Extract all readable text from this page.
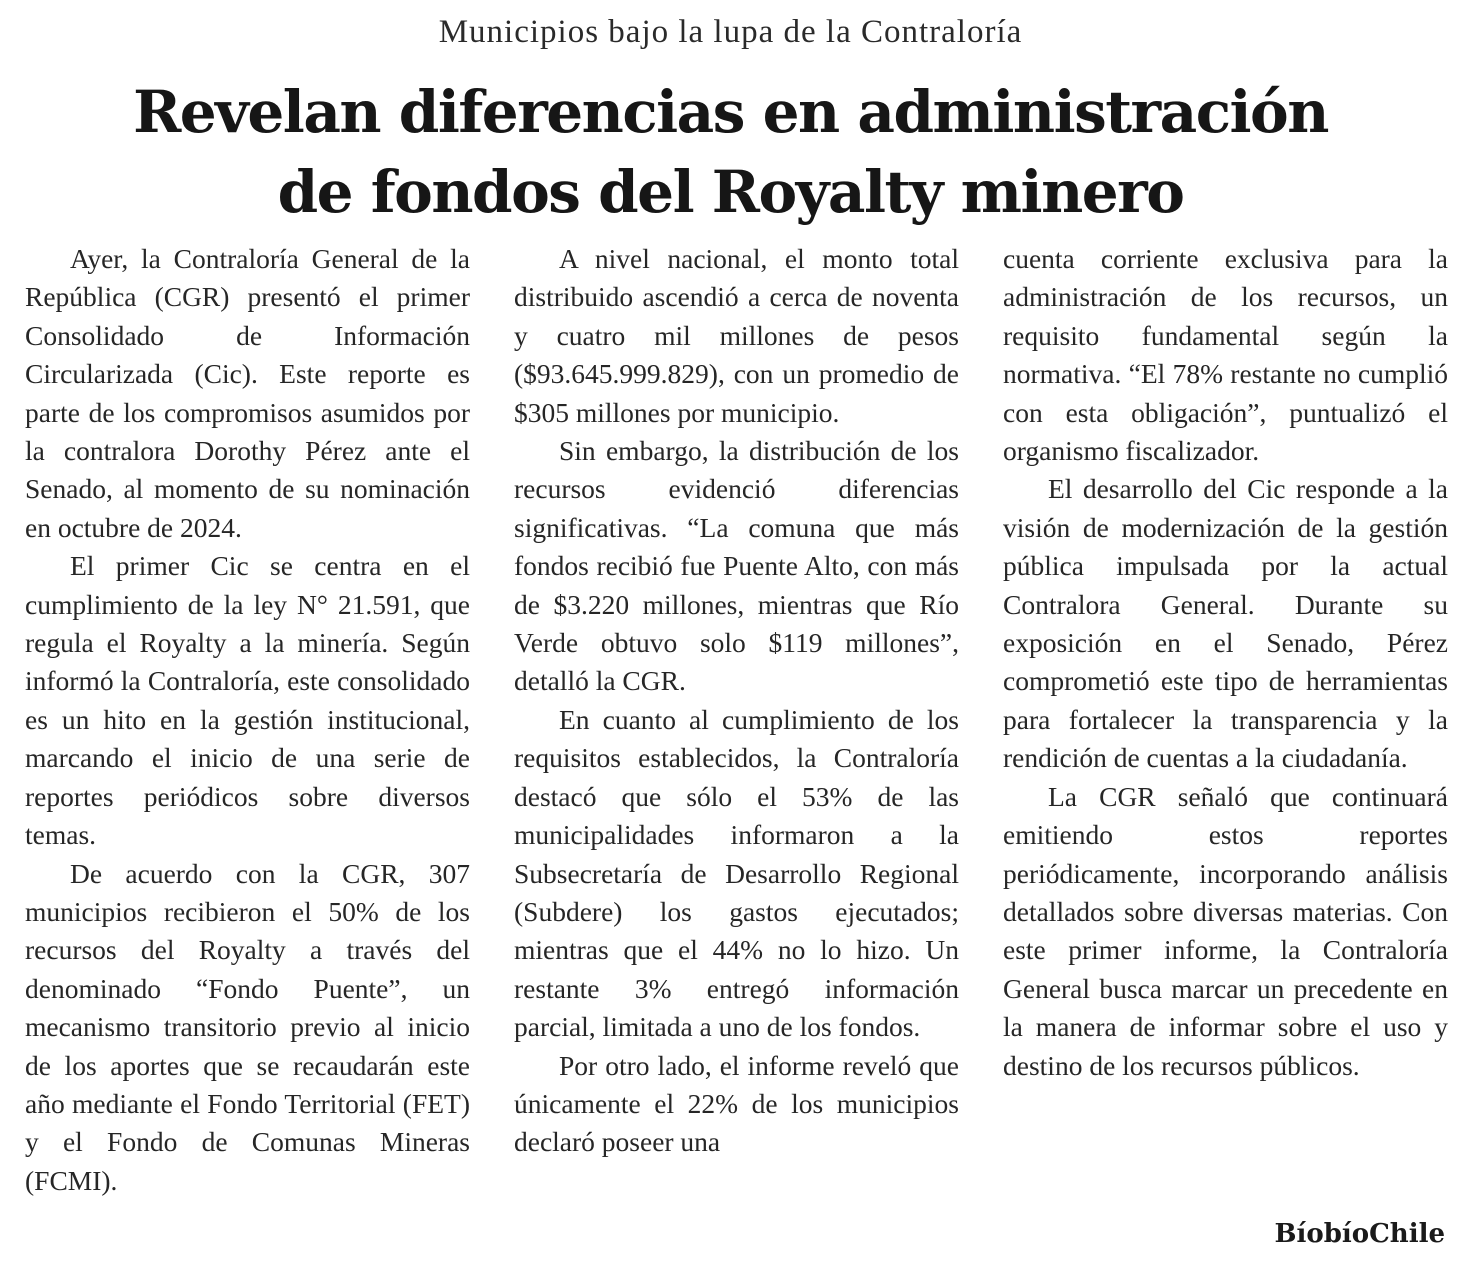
Municipios bajo la lupa de la Contraloría
Revelan diferencias en administración
de fondos del Royalty minero

Ayer, la Contraloría General de la República (CGR) presentó el primer Consolidado de Información Circularizada (Cic). Este reporte es parte de los compromisos asumidos por la contralora Dorothy Pérez ante el Senado, al momento de su nominación en octubre de 2024.

El primer Cic se centra en el cumplimiento de la ley N° 21.591, que regula el Royalty a la minería. Según informó la Contraloría, este consolidado es un hito en la gestión institucional, marcando el inicio de una serie de reportes periódicos sobre diversos temas.

De acuerdo con la CGR, 307 municipios recibieron el 50% de los recursos del Royalty a través del denominado “Fondo Puente”, un mecanismo transitorio previo al inicio de los aportes que se recaudarán este año mediante el Fondo Territorial (FET) y el Fondo de Comunas Mineras (FCMI).

A nivel nacional, el monto total distribuido ascendió a cerca de noventa y cuatro mil millones de pesos ($93.645.999.829), con un promedio de $305 millones por municipio.

Sin embargo, la distribución de los recursos evidenció diferencias significativas. “La comuna que más fondos recibió fue Puente Alto, con más de $3.220 millones, mientras que Río Verde obtuvo solo $119 millones”, detalló la CGR.

En cuanto al cumplimiento de los requisitos establecidos, la Contraloría destacó que sólo el 53% de las municipalidades informaron a la Subsecretaría de Desarrollo Regional (Subdere) los gastos ejecutados; mientras que el 44% no lo hizo. Un restante 3% entregó información parcial, limitada a uno de los fondos.

Por otro lado, el informe reveló que únicamente el 22% de los municipios declaró poseer una

cuenta corriente exclusiva para la administración de los recursos, un requisito fundamental según la normativa. “El 78% restante no cumplió con esta obligación”, puntualizó el organismo fiscalizador.

El desarrollo del Cic responde a la visión de modernización de la gestión pública impulsada por la actual Contralora General. Durante su exposición en el Senado, Pérez comprometió este tipo de herramientas para fortalecer la transparencia y la rendición de cuentas a la ciudadanía.

La CGR señaló que continuará emitiendo estos reportes periódicamente, incorporando análisis detallados sobre diversas materias. Con este primer informe, la Contraloría General busca marcar un precedente en la manera de informar sobre el uso y destino de los recursos públicos.

BíobíoChile
